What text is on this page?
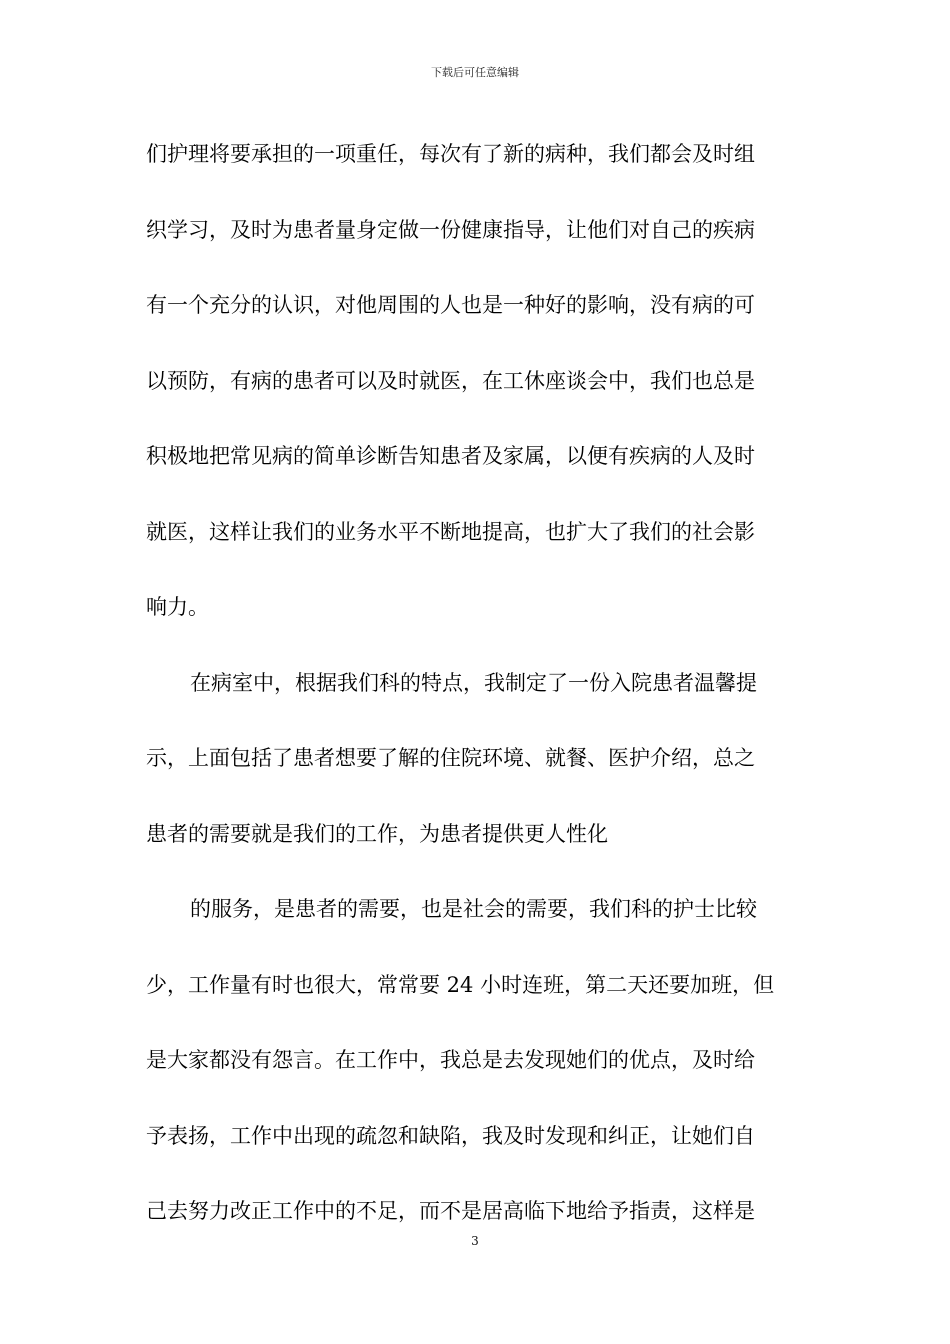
下载后可任意编辑
们护理将要承担的一项重任，每次有了新的病种，我们都会及时组
织学习，及时为患者量身定做一份健康指导，让他们对自己的疾病
有一个充分的认识，对他周围的人也是一种好的影响，没有病的可
以预防，有病的患者可以及时就医，在工休座谈会中，我们也总是
积极地把常见病的简单诊断告知患者及家属，以便有疾病的人及时
就医，这样让我们的业务水平不断地提高，也扩大了我们的社会影
响力。
在病室中，根据我们科的特点，我制定了一份入院患者温馨提
示，上面包括了患者想要了解的住院环境、就餐、医护介绍，总之
患者的需要就是我们的工作，为患者提供更人性化
的服务，是患者的需要，也是社会的需要，我们科的护士比较
少，工作量有时也很大，常常要 24 小时连班，第二天还要加班，但
是大家都没有怨言。在工作中，我总是去发现她们的优点，及时给
予表扬，工作中出现的疏忽和缺陷，我及时发现和纠正，让她们自
己去努力改正工作中的不足，而不是居高临下地给予指责，这样是
3
